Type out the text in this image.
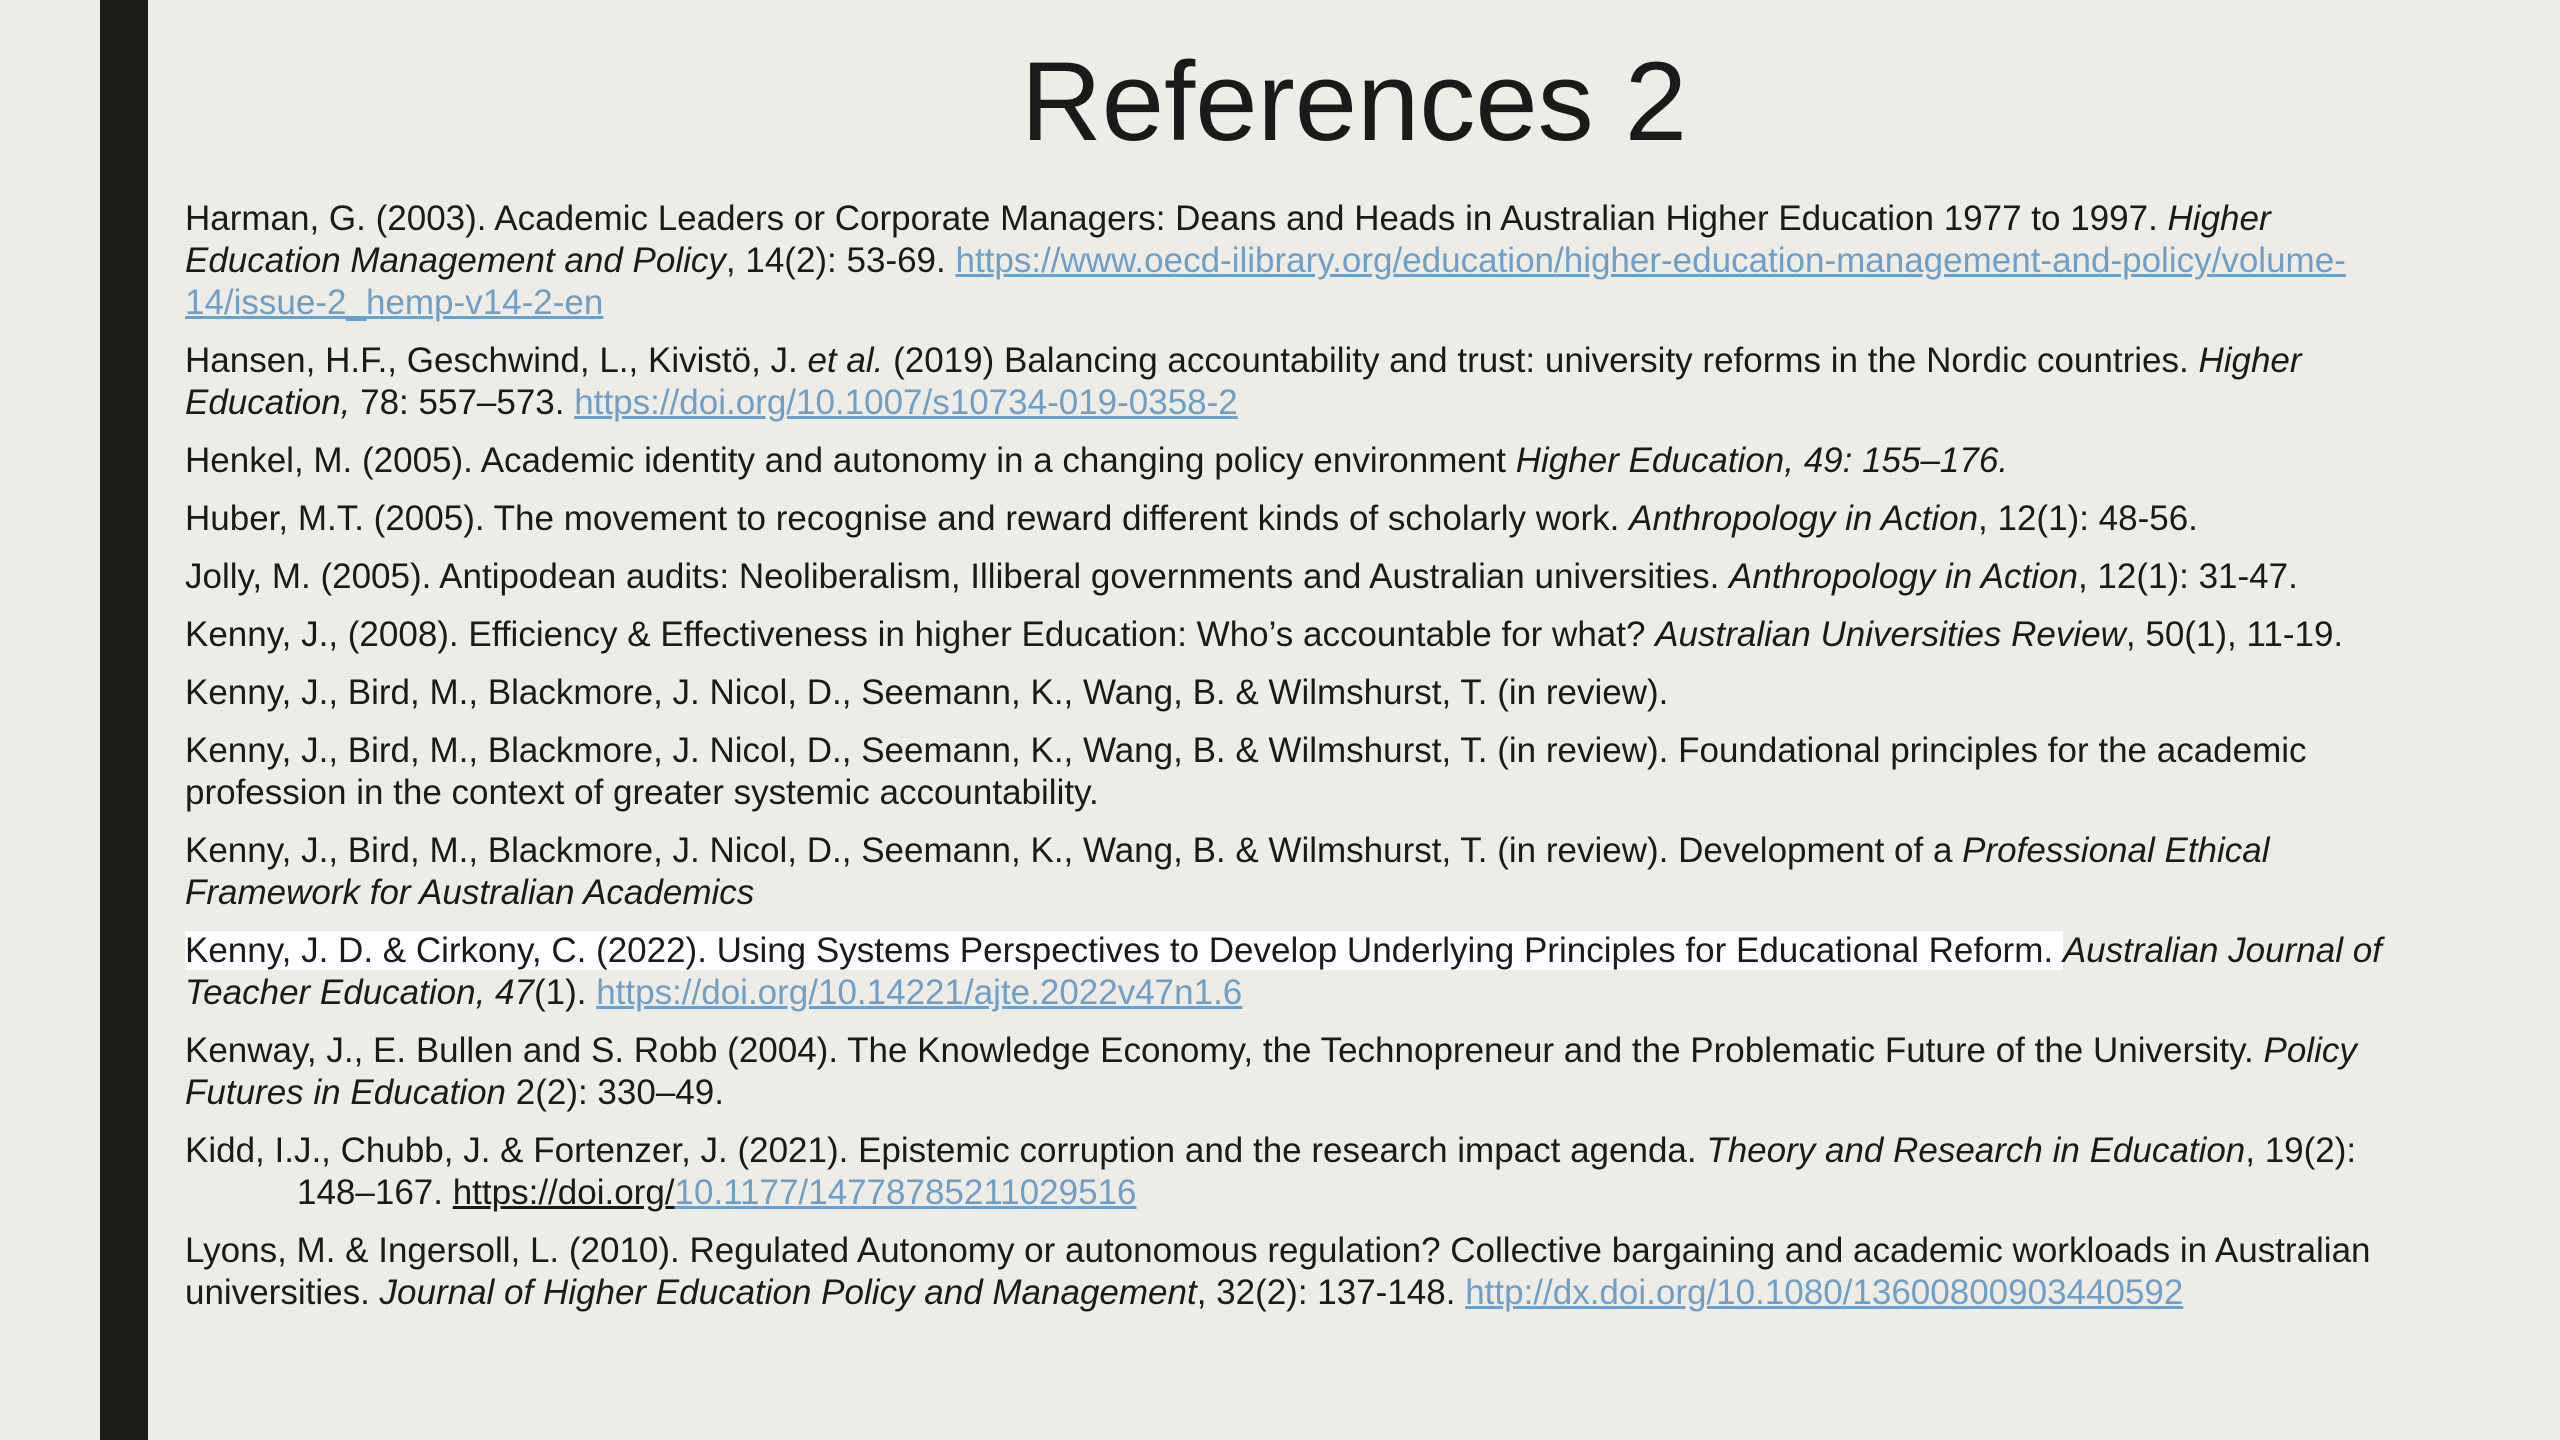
References 2
Harman, G. (2003). Academic Leaders or Corporate Managers: Deans and Heads in Australian Higher Education 1977 to 1997. Higher Education Management and Policy, 14(2): 53-69. https://www.oecd-ilibrary.org/education/higher-education-management-and-policy/volume-14/issue-2_hemp-v14-2-en
Hansen, H.F., Geschwind, L., Kivistö, J. et al. (2019) Balancing accountability and trust: university reforms in the Nordic countries. Higher Education, 78: 557–573. https://doi.org/10.1007/s10734-019-0358-2
Henkel, M. (2005). Academic identity and autonomy in a changing policy environment Higher Education, 49: 155–176.
Huber, M.T. (2005). The movement to recognise and reward different kinds of scholarly work. Anthropology in Action, 12(1): 48-56.
Jolly, M. (2005). Antipodean audits: Neoliberalism, Illiberal governments and Australian universities. Anthropology in Action, 12(1): 31-47.
Kenny, J., (2008). Efficiency & Effectiveness in higher Education: Who’s accountable for what? Australian Universities Review, 50(1), 11-19.
Kenny, J., Bird, M., Blackmore, J. Nicol, D., Seemann, K., Wang, B. & Wilmshurst, T. (in review).
Kenny, J., Bird, M., Blackmore, J. Nicol, D., Seemann, K., Wang, B. & Wilmshurst, T. (in review). Foundational principles for the academic profession in the context of greater systemic accountability.
Kenny, J., Bird, M., Blackmore, J. Nicol, D., Seemann, K., Wang, B. & Wilmshurst, T. (in review). Development of a Professional Ethical Framework for Australian Academics
Kenny, J. D. & Cirkony, C. (2022). Using Systems Perspectives to Develop Underlying Principles for Educational Reform. Australian Journal of Teacher Education, 47(1). https://doi.org/10.14221/ajte.2022v47n1.6
Kenway, J., E. Bullen and S. Robb (2004). The Knowledge Economy, the Technopreneur and the Problematic Future of the University. Policy Futures in Education 2(2): 330–49.
Kidd, I.J., Chubb, J. & Fortenzer, J. (2021). Epistemic corruption and the research impact agenda. Theory and Research in Education, 19(2):
148–167. https://doi.org/10.1177/14778785211029516
Lyons, M. & Ingersoll, L. (2010). Regulated Autonomy or autonomous regulation? Collective bargaining and academic workloads in Australian universities. Journal of Higher Education Policy and Management, 32(2): 137-148. http://dx.doi.org/10.1080/13600800903440592
